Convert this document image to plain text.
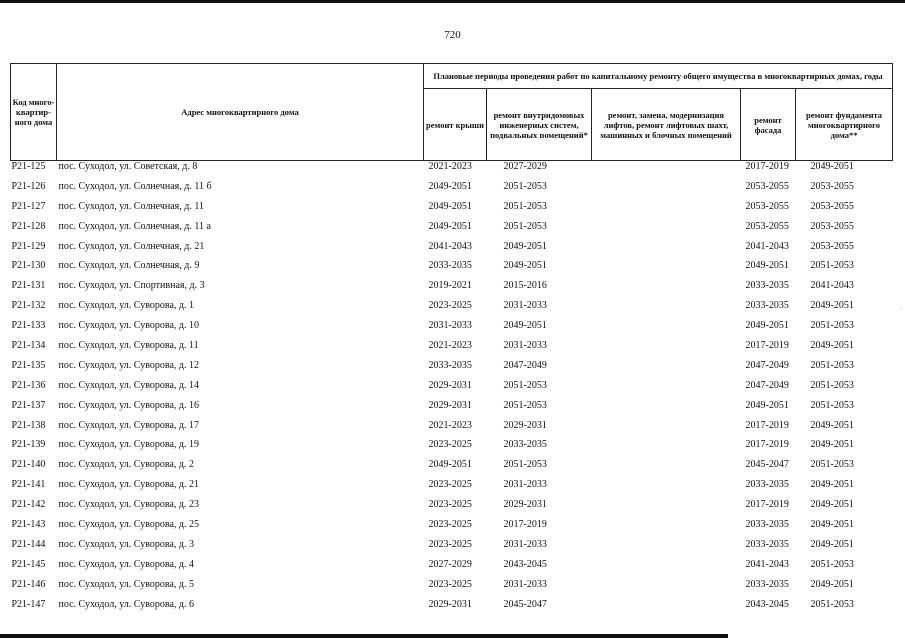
720
·
Код много-квартир-ного дома	Адрес многоквартирного дома	Плановые периоды проведения работ по капитальному ремонту общего имущества в многоквартирных домах, годы				
		ремонт крыши	ремонт внутридомовых инженерных систем, подвальных помещений*	ремонт, замена, модернизация лифтов, ремонт лифтовых шахт, машинных и блочных помещений	ремонт фасада	ремонт фундамента многоквартирного дома**
P21-125	пос. Суходол, ул. Советская, д. 8	2021-2023	2027-2029		2017-2019	2049-2051
P21-126	пос. Суходол, ул. Солнечная, д. 11 б	2049-2051	2051-2053		2053-2055	2053-2055
P21-127	пос. Суходол, ул. Солнечная, д. 11	2049-2051	2051-2053		2053-2055	2053-2055
P21-128	пос. Суходол, ул. Солнечная, д. 11 а	2049-2051	2051-2053		2053-2055	2053-2055
P21-129	пос. Суходол, ул. Солнечная, д. 21	2041-2043	2049-2051		2041-2043	2053-2055
P21-130	пос. Суходол, ул. Солнечная, д. 9	2033-2035	2049-2051		2049-2051	2051-2053
P21-131	пос. Суходол, ул. Спортивная, д. 3	2019-2021	2015-2016		2033-2035	2041-2043
P21-132	пос. Суходол, ул. Суворова, д. 1	2023-2025	2031-2033		2033-2035	2049-2051
P21-133	пос. Суходол, ул. Суворова, д. 10	2031-2033	2049-2051		2049-2051	2051-2053
P21-134	пос. Суходол, ул. Суворова, д. 11	2021-2023	2031-2033		2017-2019	2049-2051
P21-135	пос. Суходол, ул. Суворова, д. 12	2033-2035	2047-2049		2047-2049	2051-2053
P21-136	пос. Суходол, ул. Суворова, д. 14	2029-2031	2051-2053		2047-2049	2051-2053
P21-137	пос. Суходол, ул. Суворова, д. 16	2029-2031	2051-2053		2049-2051	2051-2053
P21-138	пос. Суходол, ул. Суворова, д. 17	2021-2023	2029-2031		2017-2019	2049-2051
P21-139	пос. Суходол, ул. Суворова, д. 19	2023-2025	2033-2035		2017-2019	2049-2051
P21-140	пос. Суходол, ул. Суворова, д. 2	2049-2051	2051-2053		2045-2047	2051-2053
P21-141	пос. Суходол, ул. Суворова, д. 21	2023-2025	2031-2033		2033-2035	2049-2051
P21-142	пос. Суходол, ул. Суворова, д. 23	2023-2025	2029-2031		2017-2019	2049-2051
P21-143	пос. Суходол, ул. Суворова, д. 25	2023-2025	2017-2019		2033-2035	2049-2051
P21-144	пос. Суходол, ул. Суворова, д. 3	2023-2025	2031-2033		2033-2035	2049-2051
P21-145	пос. Суходол, ул. Суворова, д. 4	2027-2029	2043-2045		2041-2043	2051-2053
P21-146	пос. Суходол, ул. Суворова, д. 5	2023-2025	2031-2033		2033-2035	2049-2051
P21-147	пос. Суходол, ул. Суворова, д. 6	2029-2031	2045-2047		2043-2045	2051-2053
